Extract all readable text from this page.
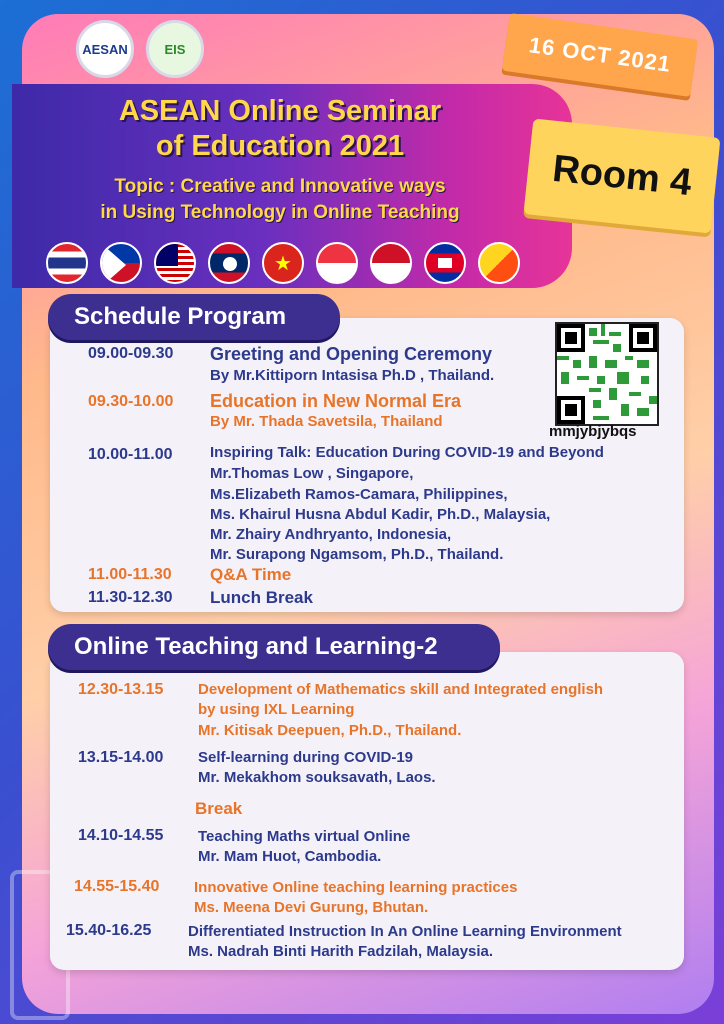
AESAN	EIS	16 OCT 2021
Room 4
ASEAN Online Seminar
of Education 2021
Topic : Creative and Innovative ways
in Using Technology in Online Teaching
★
Schedule Program
mmjybjybqs
09.00-09.30 Greeting and Opening Ceremony
By Mr.Kittiporn Intasisa Ph.D , Thailand.
09.30-10.00 Education in New Normal Era
By Mr. Thada Savetsila, Thailand
10.00-11.00 Inspiring Talk: Education During COVID-19 and Beyond
Mr.Thomas Low , Singapore,
Ms.Elizabeth Ramos-Camara, Philippines,
Ms. Khairul Husna Abdul Kadir, Ph.D., Malaysia,
Mr. Zhairy Andhryanto, Indonesia,
Mr. Surapong Ngamsom, Ph.D., Thailand.
11.00-11.30 Q&A Time
11.30-12.30 Lunch Break
Online Teaching and Learning-2
12.30-13.15 Development of Mathematics skill and Integrated english
by using IXL Learning
Mr. Kitisak Deepuen, Ph.D., Thailand.
13.15-14.00 Self-learning during COVID-19
Mr. Mekakhom souksavath, Laos.
Break
14.10-14.55 Teaching Maths virtual Online
Mr. Mam Huot, Cambodia.
14.55-15.40 Innovative Online teaching learning practices
Ms. Meena Devi Gurung, Bhutan.
15.40-16.25 Differentiated Instruction In An Online Learning Environment
Ms. Nadrah Binti Harith Fadzilah, Malaysia.
